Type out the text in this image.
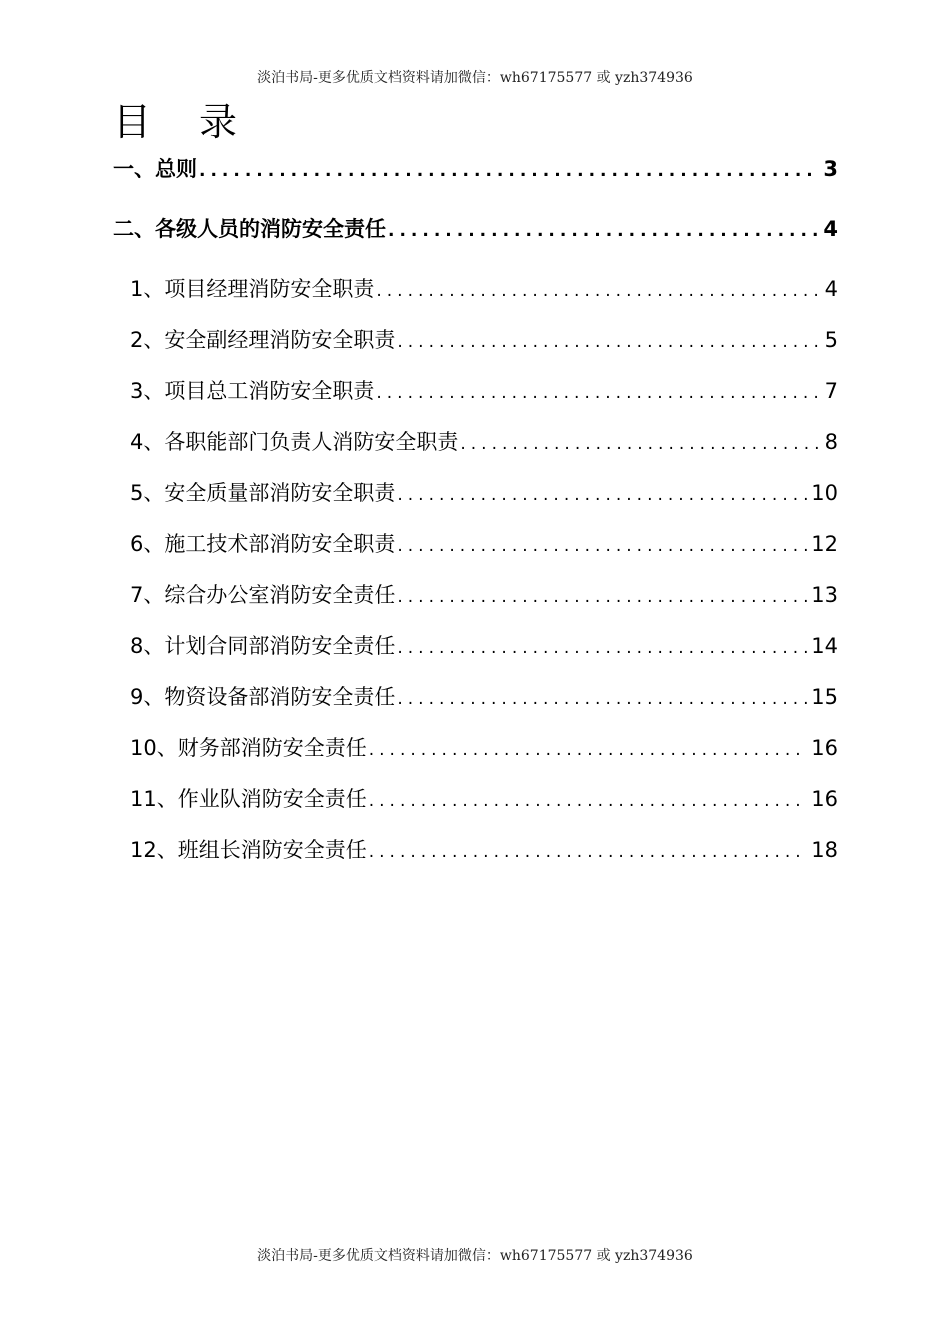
淡泊书局-更多优质文档资料请加微信：wh67175577 或 yzh374936
目录
一、总则 .....	3
二、各级人员的消防安全责任 .....	4
1、项目经理消防安全职责 .....	4
2、安全副经理消防安全职责 .....	5
3、项目总工消防安全职责 .....	7
4、各职能部门负责人消防安全职责 .....	8
5、安全质量部消防安全职责 .....	10
6、施工技术部消防安全职责 .....	12
7、综合办公室消防安全责任 .....	13
8、计划合同部消防安全责任 .....	14
9、物资设备部消防安全责任 .....	15
10、财务部消防安全责任 .....	16
11、作业队消防安全责任 .....	16
12、班组长消防安全责任 .....	18
淡泊书局-更多优质文档资料请加微信：wh67175577 或 yzh374936
